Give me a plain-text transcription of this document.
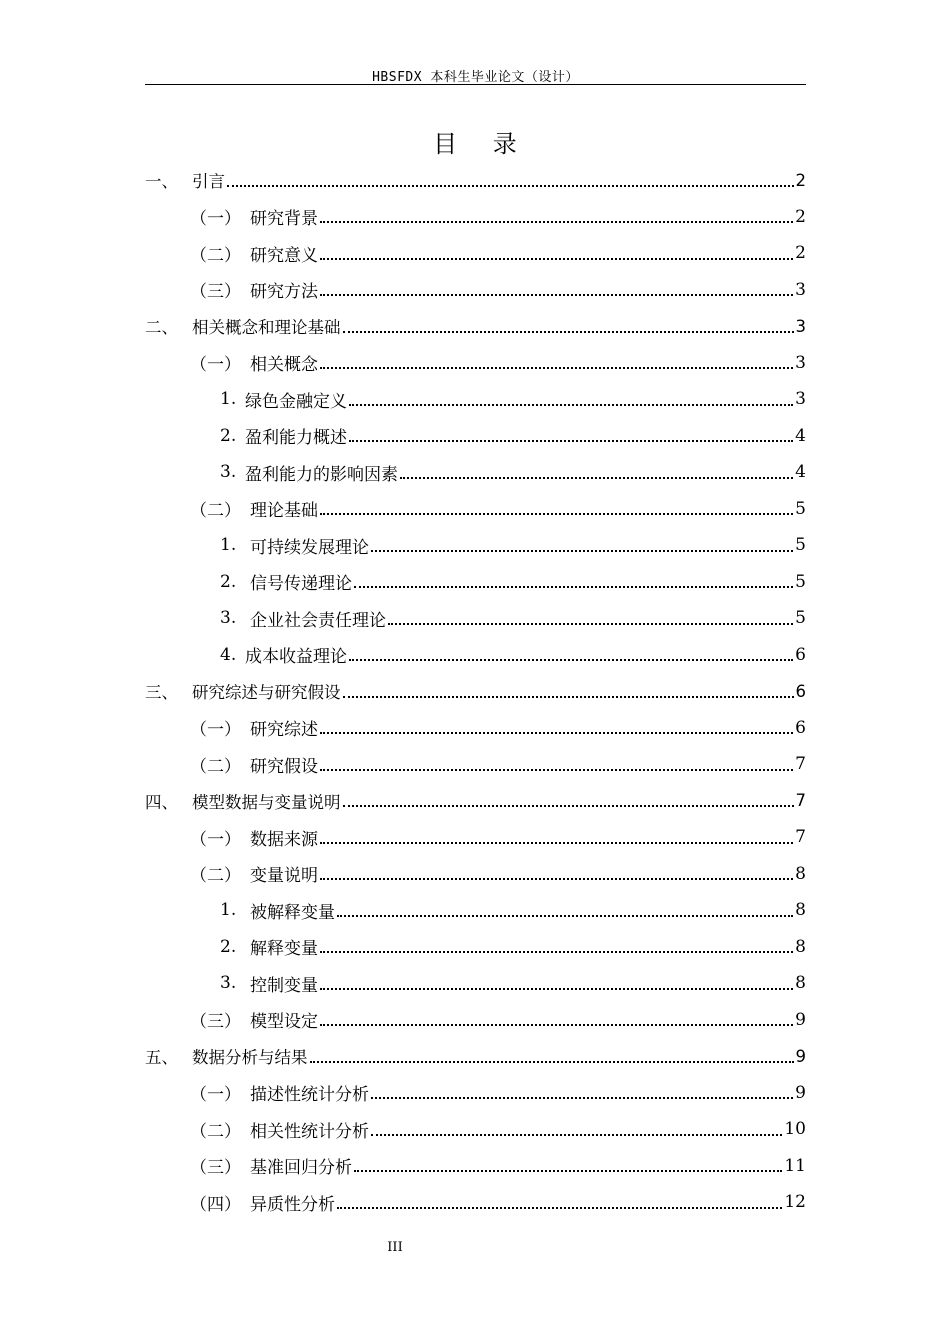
HBSFDX 本科生毕业论文（设计）
目 录
一、 引言	2
（一） 研究背景	2
（二） 研究意义	2
（三） 研究方法	3
二、 相关概念和理论基础	3
（一） 相关概念	3
1. 绿色金融定义	3
2. 盈利能力概述	4
3. 盈利能力的影响因素	4
（二） 理论基础	5
1. 可持续发展理论	5
2. 信号传递理论	5
3. 企业社会责任理论	5
4. 成本收益理论	6
三、 研究综述与研究假设	6
（一） 研究综述	6
（二） 研究假设	7
四、 模型数据与变量说明	7
（一） 数据来源	7
（二） 变量说明	8
1. 被解释变量	8
2. 解释变量	8
3. 控制变量	8
（三） 模型设定	9
五、 数据分析与结果	9
（一） 描述性统计分析	9
（二） 相关性统计分析	10
（三） 基准回归分析	11
（四） 异质性分析	12
III
